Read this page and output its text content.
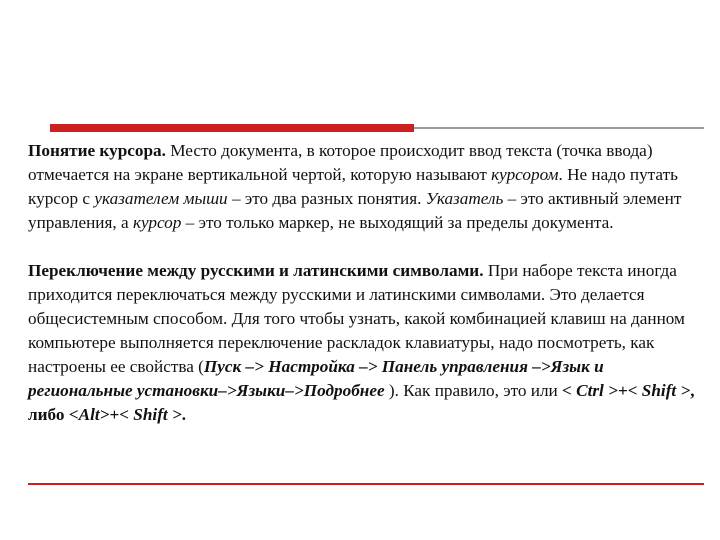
Понятие курсора. Место документа, в которое происходит ввод текста (точка ввода) отмечается на экране вертикальной чертой, которую называют курсором. Не надо путать курсор с указателем мыши – это два разных понятия. Указатель – это активный элемент управления, а курсор – это только маркер, не выходящий за пределы документа.

Переключение между русскими и латинскими символами. При наборе текста иногда приходится переключаться между русскими и латинскими символами. Это делается общесистемным способом. Для того чтобы узнать, какой комбинацией клавиш на данном компьютере выполняется переключение раскладок клавиатуры, надо посмотреть, как настроены ее свойства (Пуск –> Настройка –> Панель управления –>Язык и региональные установки–>Языки–>Подробнее ). Как правило, это или < Ctrl >+< Shift >, либо <Alt>+< Shift >.
